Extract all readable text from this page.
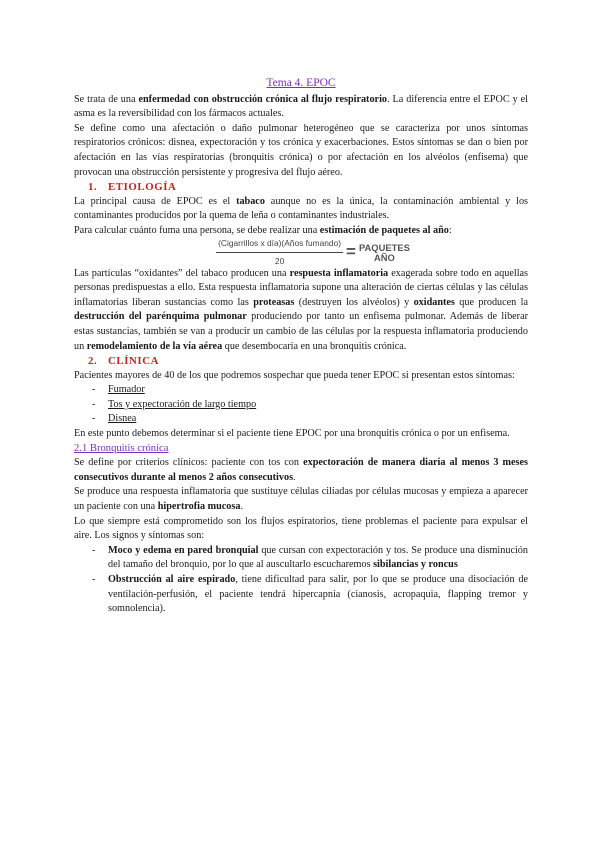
Tema 4. EPOC

Se trata de una enfermedad con obstrucción crónica al flujo respiratorio. La diferencia entre el EPOC y el asma es la reversibilidad con los fármacos actuales.

Se define como una afectación o daño pulmonar heterogéneo que se caracteriza por unos síntomas respiratorios crónicos: disnea, expectoración y tos crónica y exacerbaciones. Estos síntomas se dan o bien por afectación en las vías respiratorias (bronquitis crónica) o por afectación en los alvéolos (enfisema) que provocan una obstrucción persistente y progresiva del flujo aéreo.

1. ETIOLOGÍA

La principal causa de EPOC es el tabaco aunque no es la única, la contaminación ambiental y los contaminantes producidos por la quema de leña o contaminantes industriales.

Para calcular cuánto fuma una persona, se debe realizar una estimación de paquetes al año:

$\frac{\text{(Cigarrillos x día)(Años fumando)}}{20}$ = PAQUETES
AÑO

Las partículas “oxidantes” del tabaco producen una respuesta inflamatoria exagerada sobre todo en aquellas personas predispuestas a ello. Esta respuesta inflamatoria supone una alteración de ciertas células y las células inflamatorias liberan sustancias como las proteasas (destruyen los alvéolos) y oxidantes que producen la destrucción del parénquima pulmonar produciendo por tanto un enfisema pulmonar. Además de liberar estas sustancias, también se van a producir un cambio de las células por la respuesta inflamatoria produciendo un remodelamiento de la vía aérea que desembocaría en una bronquitis crónica.

2. CLÍNICA

Pacientes mayores de 40 de los que podremos sospechar que pueda tener EPOC si presentan estos síntomas:

- Fumador
- Tos y expectoración de largo tiempo
- Disnea

En este punto debemos determinar si el paciente tiene EPOC por una bronquitis crónica o por un enfisema.

2.1 Bronquitis crónica

Se define por criterios clínicos: paciente con tos con expectoración de manera diaria al menos 3 meses consecutivos durante al menos 2 años consecutivos.

Se produce una respuesta inflamatoria que sustituye células ciliadas por células mucosas y empieza a aparecer un paciente con una hipertrofia mucosa.

Lo que siempre está comprometido son los flujos espiratorios, tiene problemas el paciente para expulsar el aire. Los signos y síntomas son:

- Moco y edema en pared bronquial que cursan con expectoración y tos. Se produce una disminución del tamaño del bronquio, por lo que al auscultarlo escucharemos sibilancias y roncus
- Obstrucción al aire espirado, tiene dificultad para salir, por lo que se produce una disociación de ventilación-perfusión, el paciente tendrá hipercapnia (cianosis, acropaquia, flapping tremor y somnolencia).
